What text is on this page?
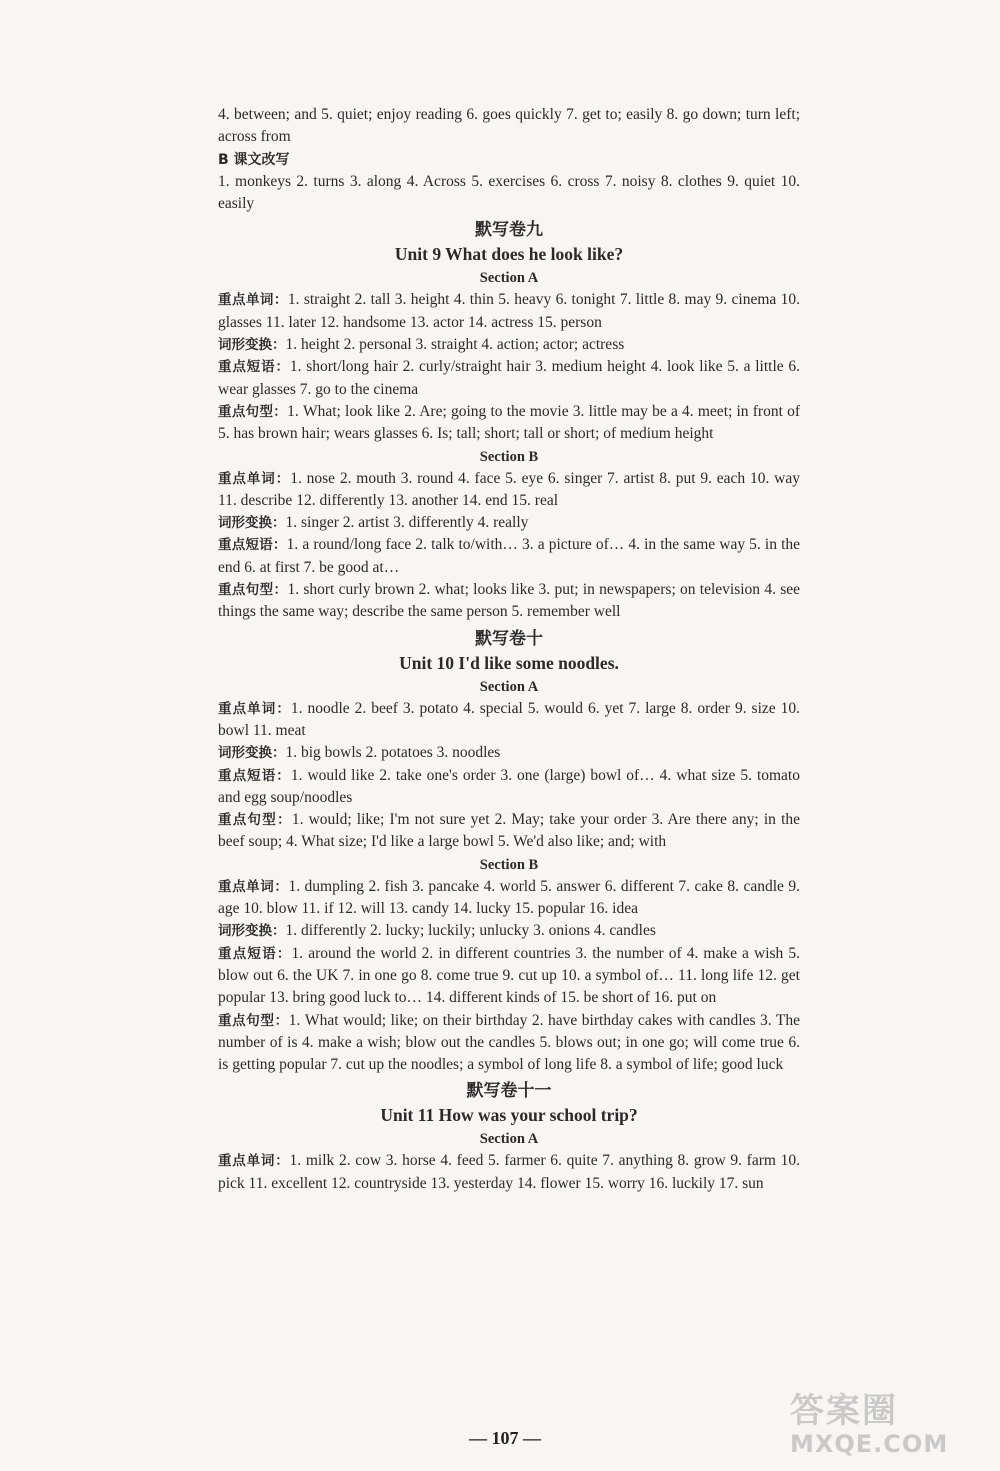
4. between; and 5. quiet; enjoy reading 6. goes quickly 7. get to; easily 8. go down; turn left; across from

B 课文改写

1. monkeys 2. turns 3. along 4. Across 5. exercises 6. cross 7. noisy 8. clothes 9. quiet 10. easily

默写卷九

Unit 9 What does he look like?

Section A

重点单词：1. straight 2. tall 3. height 4. thin 5. heavy 6. tonight 7. little 8. may 9. cinema 10. glasses 11. later 12. handsome 13. actor 14. actress 15. person

词形变换：1. height 2. personal 3. straight 4. action; actor; actress

重点短语：1. short/long hair 2. curly/straight hair 3. medium height 4. look like 5. a little 6. wear glasses 7. go to the cinema

重点句型：1. What; look like 2. Are; going to the movie 3. little may be a 4. meet; in front of 5. has brown hair; wears glasses 6. Is; tall; short; tall or short; of medium height

Section B

重点单词：1. nose 2. mouth 3. round 4. face 5. eye 6. singer 7. artist 8. put 9. each 10. way 11. describe 12. differently 13. another 14. end 15. real

词形变换：1. singer 2. artist 3. differently 4. really

重点短语：1. a round/long face 2. talk to/with… 3. a picture of… 4. in the same way 5. in the end 6. at first 7. be good at…

重点句型：1. short curly brown 2. what; looks like 3. put; in newspapers; on television 4. see things the same way; describe the same person 5. remember well

默写卷十

Unit 10 I'd like some noodles.

Section A

重点单词：1. noodle 2. beef 3. potato 4. special 5. would 6. yet 7. large 8. order 9. size 10. bowl 11. meat

词形变换：1. big bowls 2. potatoes 3. noodles

重点短语：1. would like 2. take one's order 3. one (large) bowl of… 4. what size 5. tomato and egg soup/noodles

重点句型：1. would; like; I'm not sure yet 2. May; take your order 3. Are there any; in the beef soup; 4. What size; I'd like a large bowl 5. We'd also like; and; with

Section B

重点单词：1. dumpling 2. fish 3. pancake 4. world 5. answer 6. different 7. cake 8. candle 9. age 10. blow 11. if 12. will 13. candy 14. lucky 15. popular 16. idea

词形变换：1. differently 2. lucky; luckily; unlucky 3. onions 4. candles

重点短语：1. around the world 2. in different countries 3. the number of 4. make a wish 5. blow out 6. the UK 7. in one go 8. come true 9. cut up 10. a symbol of… 11. long life 12. get popular 13. bring good luck to… 14. different kinds of 15. be short of 16. put on

重点句型：1. What would; like; on their birthday 2. have birthday cakes with candles 3. The number of is 4. make a wish; blow out the candles 5. blows out; in one go; will come true 6. is getting popular 7. cut up the noodles; a symbol of long life 8. a symbol of life; good luck

默写卷十一

Unit 11 How was your school trip?

Section A

重点单词：1. milk 2. cow 3. horse 4. feed 5. farmer 6. quite 7. anything 8. grow 9. farm 10. pick 11. excellent 12. countryside 13. yesterday 14. flower 15. worry 16. luckily 17. sun

— 107 —
答案圈
MXQE.COM
